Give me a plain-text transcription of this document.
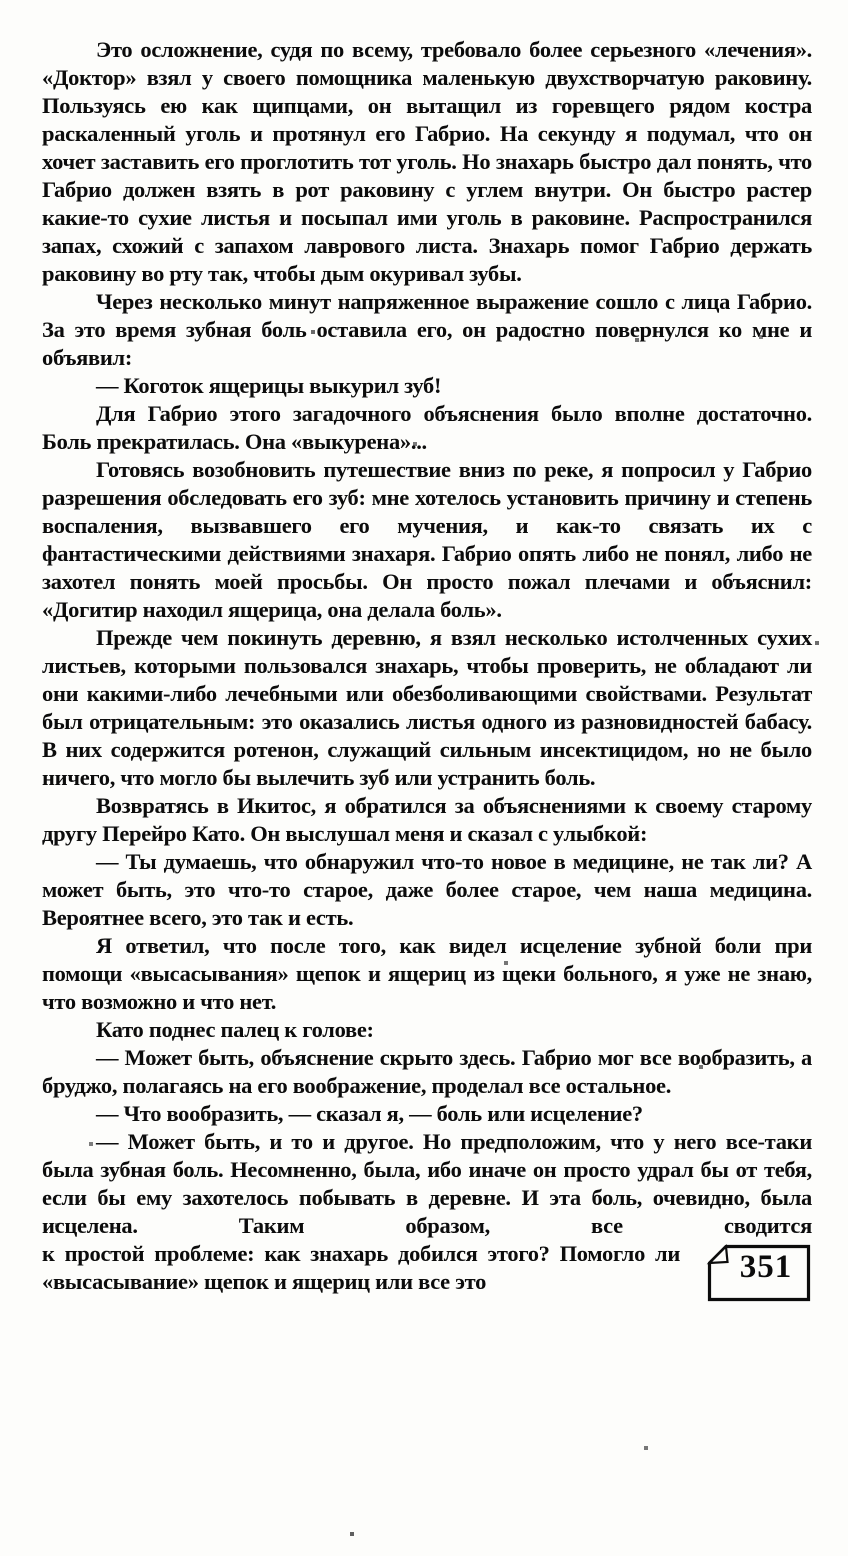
Это осложнение, судя по всему, требовало более серьезного «лечения». «Доктор» взял у своего помощника маленькую двухстворчатую раковину. Пользуясь ею как щипцами, он вытащил из горевщего рядом костра раскаленный уголь и протянул его Габрио. На секунду я подумал, что он хочет заставить его проглотить тот уголь. Но знахарь быстро дал понять, что Габрио должен взять в рот раковину с углем внутри. Он быстро растер какие-то сухие листья и посыпал ими уголь в раковине. Распространился запах, схожий с запахом лаврового листа. Знахарь помог Габрио держать раковину во рту так, чтобы дым окуривал зубы.

Через несколько минут напряженное выражение сошло с лица Габрио. За это время зубная боль оставила его, он радостно повернулся ко мне и объявил:

— Коготок ящерицы выкурил зуб!

Для Габрио этого загадочного объяснения было вполне достаточно. Боль прекратилась. Она «выкурена»...

Готовясь возобновить путешествие вниз по реке, я попросил у Габрио разрешения обследовать его зуб: мне хотелось установить причину и степень воспаления, вызвавшего его мучения, и как-то связать их с фантастическими действиями знахаря. Габрио опять либо не понял, либо не захотел понять моей просьбы. Он просто пожал плечами и объяснил: «Догитир находил ящерица, она делала боль».

Прежде чем покинуть деревню, я взял несколько истолченных сухих листьев, которыми пользовался знахарь, чтобы проверить, не обладают ли они какими-либо лечебными или обезболивающими свойствами. Результат был отрицательным: это оказались листья одного из разновидностей бабасу. В них содержится ротенон, служащий сильным инсектицидом, но не было ничего, что могло бы вылечить зуб или устранить боль.

Возвратясь в Икитос, я обратился за объяснениями к своему старому другу Перейро Като. Он выслушал меня и сказал с улыбкой:

— Ты думаешь, что обнаружил что-то новое в медицине, не так ли? А может быть, это что-то старое, даже более старое, чем наша медицина. Вероятнее всего, это так и есть.

Я ответил, что после того, как видел исцеление зубной боли при помощи «высасывания» щепок и ящериц из щеки больного, я уже не знаю, что возможно и что нет.

Като поднес палец к голове:

— Может быть, объяснение скрыто здесь. Габрио мог все вообразить, а бруджо, полагаясь на его воображение, проделал все остальное.

— Что вообразить, — сказал я, — боль или исцеление?

— Может быть, и то и другое. Но предположим, что у него все-таки была зубная боль. Несомненно, была, ибо иначе он просто удрал бы от тебя, если бы ему захотелось побывать в деревне. И эта боль, очевидно, была исцелена. Таким образом, все сводится

к простой проблеме: как знахарь добился этого? Помогло ли «высасывание» щепок и ящериц или все это	351
